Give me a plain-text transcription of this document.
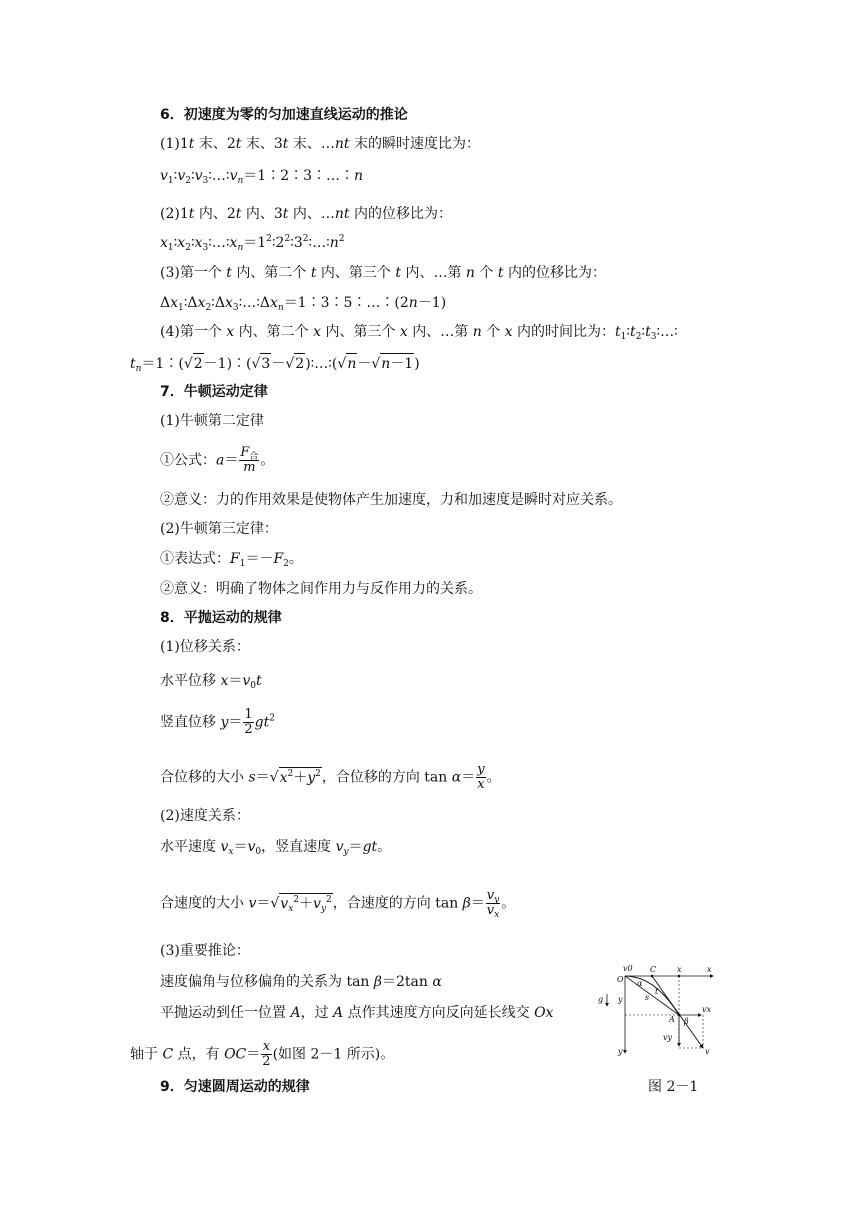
6．初速度为零的匀加速直线运动的推论
(1)1t 末、2t 末、3t 末、…nt 末的瞬时速度比为：
$v_1∶v_2∶v_3∶\dots∶v_n=1∶2∶3∶\dots∶n$
(2)1t 内、2t 内、3t 内、…nt 内的位移比为：
$x_1∶x_2∶x_3∶\dots∶x_n=1^2∶2^2∶3^2∶\dots∶n^2$
(3)第一个 t 内、第二个 t 内、第三个 t 内、…第 n 个 t 内的位移比为：
$\Delta x_1∶\Delta x_2∶\Delta x_3∶\dots∶\Delta x_n=1∶3∶5∶\dots∶(2n-1)$
(4)第一个 x 内、第二个 x 内、第三个 x 内、…第 n 个 x 内的时间比为：$t_1∶t_2∶t_3∶\dots∶$
$t_n=1∶(√2-1)∶(√3-√2)∶\dots∶(√n-√n-1)$
7．牛顿运动定律
(1)牛顿第二定律
①公式：$a= \frac{F_合}{m}$ 。
②意义：力的作用效果是使物体产生加速度，力和加速度是瞬时对应关系。
(2)牛顿第三定律：
①表达式：$F_1=-F_2$。
②意义：明确了物体之间作用力与反作用力的关系。
8．平抛运动的规律
(1)位移关系：
水平位移 $x=v_0t$
竖直位移 $y= \frac{1}{2} gt^2$
合位移的大小 $s=√x^2+y^2$，合位移的方向 $\tan \alpha= \frac{y}{x}$ 。
(2)速度关系：
水平速度 $v_x=v_0$，竖直速度 $v_y=gt$。
合速度的大小 $v=√v_x^2+v_y^2$，合速度的方向 $\tan \beta= \frac{v_y}{v_x}$ 。
(3)重要推论：
速度偏角与位移偏角的关系为 tan β＝2tan α
平抛运动到任一位置 A，过 A 点作其速度方向反向延长线交 Ox
轴于 C 点，有 $OC= \frac{x}{2}$ (如图 2－1 所示)。
9．匀速圆周运动的规律
v0 C	x	x
O α
s
t
g y
A β
vx
vy
v
y
图 2－1
